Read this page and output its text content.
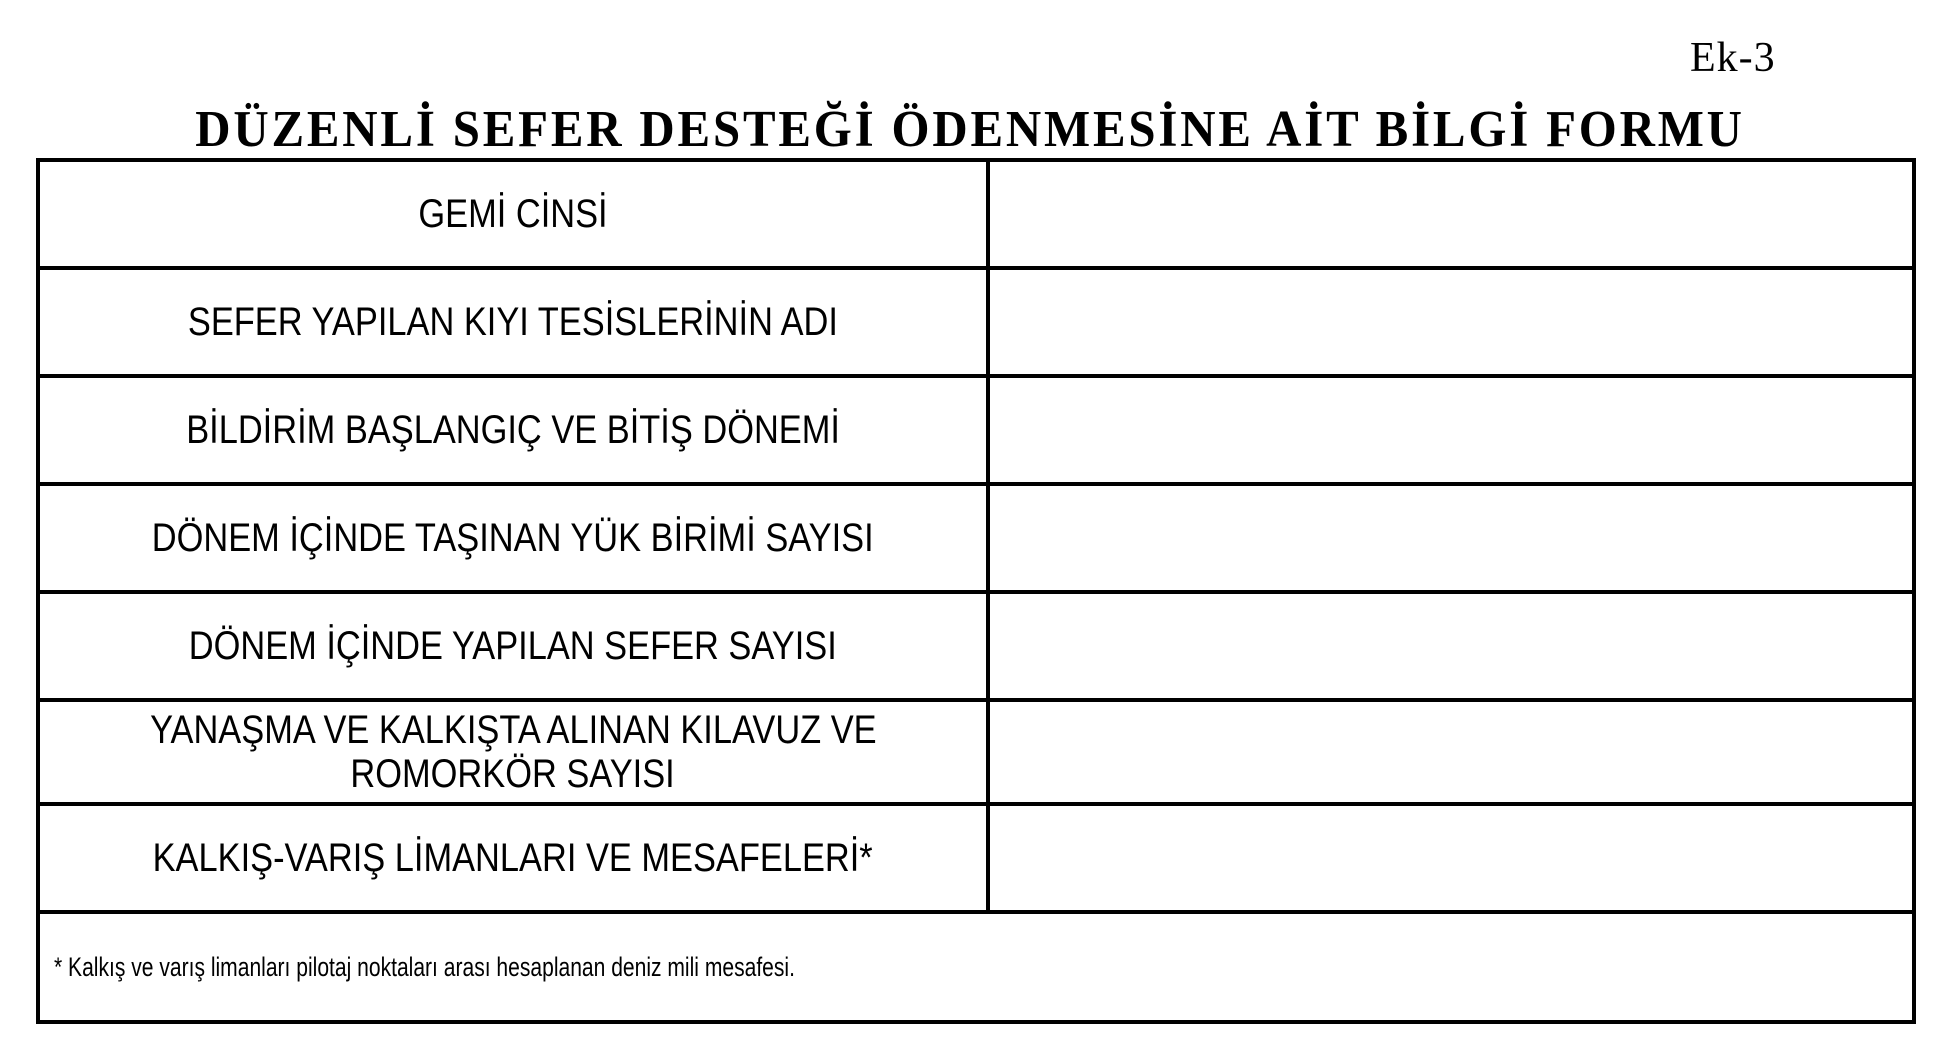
Ek-3
DÜZENLİ SEFER DESTEĞİ ÖDENMESİNE AİT BİLGİ FORMU
GEMİ CİNSİ	
SEFER YAPILAN KIYI TESİSLERİNİN ADI	
BİLDİRİM BAŞLANGIÇ VE BİTİŞ DÖNEMİ	
DÖNEM İÇİNDE TAŞINAN YÜK BİRİMİ SAYISI	
DÖNEM İÇİNDE YAPILAN SEFER SAYISI	
YANAŞMA VE KALKIŞTA ALINAN KILAVUZ VE
ROMORKÖR SAYISI	
KALKIŞ-VARIŞ LİMANLARI VE MESAFELERİ*	
* Kalkış ve varış limanları pilotaj noktaları arası hesaplanan deniz mili mesafesi.	
